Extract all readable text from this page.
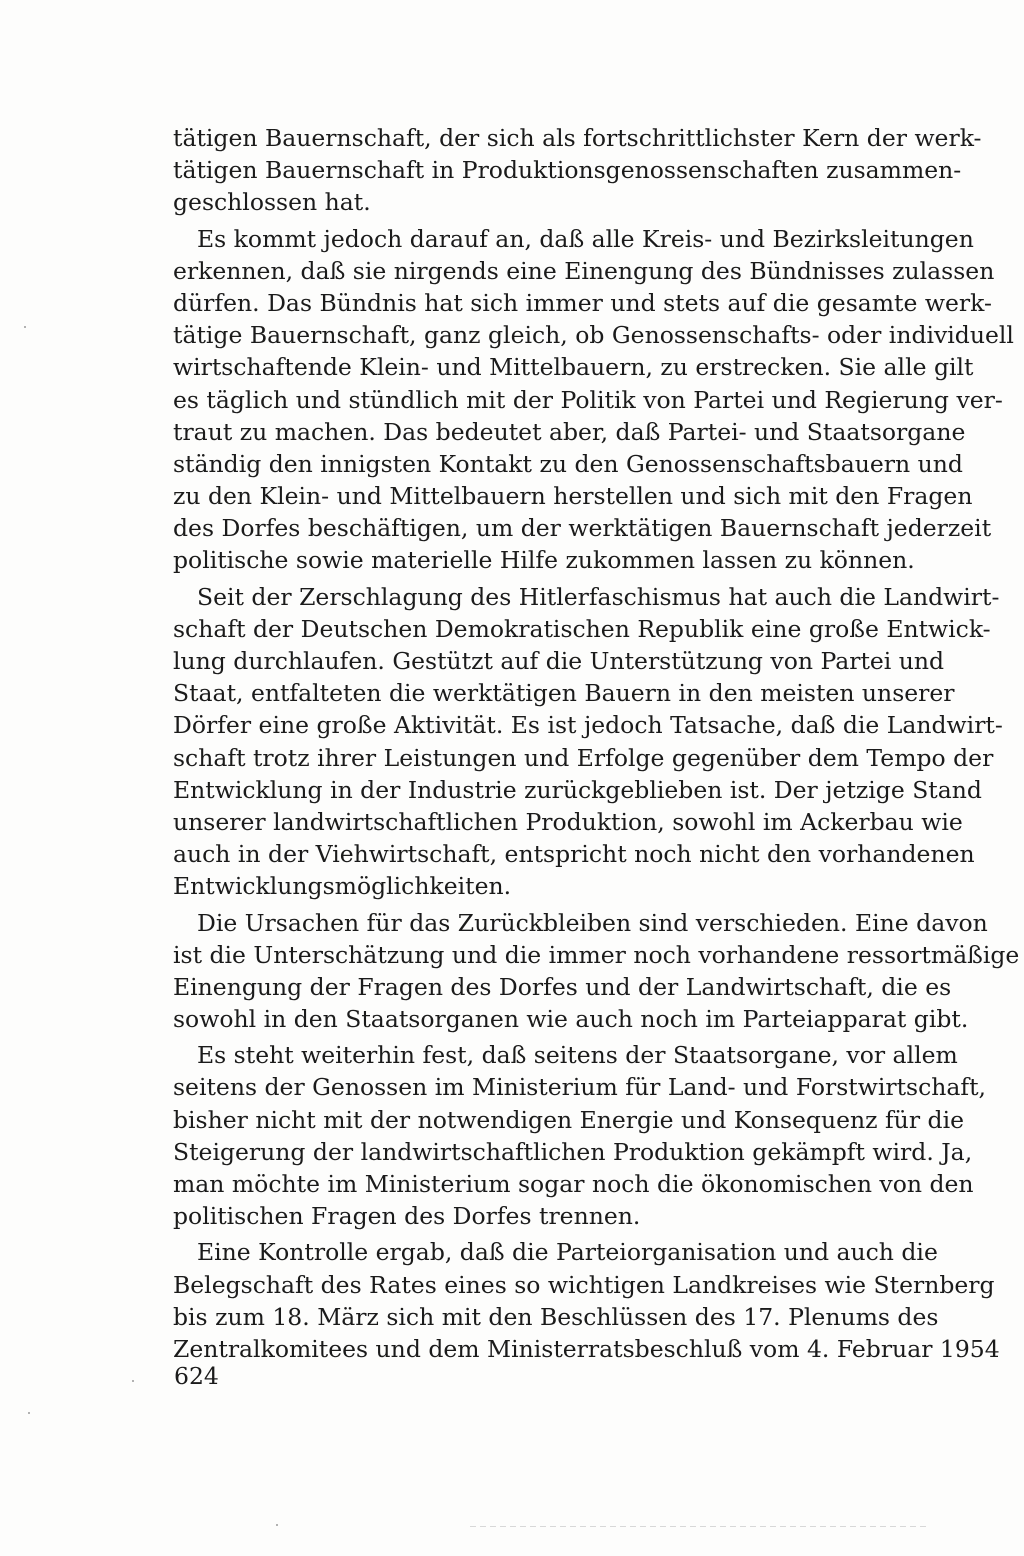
tätigen Bauernschaft, der sich als fortschrittlichster Kern der werk-
tätigen Bauernschaft in Produktionsgenossenschaften zusammen-
geschlossen hat.
Es kommt jedoch darauf an, daß alle Kreis- und Bezirksleitungen
erkennen, daß sie nirgends eine Einengung des Bündnisses zulassen
dürfen. Das Bündnis hat sich immer und stets auf die gesamte werk-
tätige Bauernschaft, ganz gleich, ob Genossenschafts- oder individuell
wirtschaftende Klein- und Mittelbauern, zu erstrecken. Sie alle gilt
es täglich und stündlich mit der Politik von Partei und Regierung ver-
traut zu machen. Das bedeutet aber, daß Partei- und Staatsorgane
ständig den innigsten Kontakt zu den Genossenschaftsbauern und
zu den Klein- und Mittelbauern herstellen und sich mit den Fragen
des Dorfes beschäftigen, um der werktätigen Bauernschaft jederzeit
politische sowie materielle Hilfe zukommen lassen zu können.
Seit der Zerschlagung des Hitlerfaschismus hat auch die Landwirt-
schaft der Deutschen Demokratischen Republik eine große Entwick-
lung durchlaufen. Gestützt auf die Unterstützung von Partei und
Staat, entfalteten die werktätigen Bauern in den meisten unserer
Dörfer eine große Aktivität. Es ist jedoch Tatsache, daß die Landwirt-
schaft trotz ihrer Leistungen und Erfolge gegenüber dem Tempo der
Entwicklung in der Industrie zurückgeblieben ist. Der jetzige Stand
unserer landwirtschaftlichen Produktion, sowohl im Ackerbau wie
auch in der Viehwirtschaft, entspricht noch nicht den vorhandenen
Entwicklungsmöglichkeiten.
Die Ursachen für das Zurückbleiben sind verschieden. Eine davon
ist die Unterschätzung und die immer noch vorhandene ressortmäßige
Einengung der Fragen des Dorfes und der Landwirtschaft, die es
sowohl in den Staatsorganen wie auch noch im Parteiapparat gibt.
Es steht weiterhin fest, daß seitens der Staatsorgane, vor allem
seitens der Genossen im Ministerium für Land- und Forstwirtschaft,
bisher nicht mit der notwendigen Energie und Konsequenz für die
Steigerung der landwirtschaftlichen Produktion gekämpft wird. Ja,
man möchte im Ministerium sogar noch die ökonomischen von den
politischen Fragen des Dorfes trennen.
Eine Kontrolle ergab, daß die Parteiorganisation und auch die
Belegschaft des Rates eines so wichtigen Landkreises wie Sternberg
bis zum 18. März sich mit den Beschlüssen des 17. Plenums des
Zentralkomitees und dem Ministerratsbeschluß vom 4. Februar 1954
624
